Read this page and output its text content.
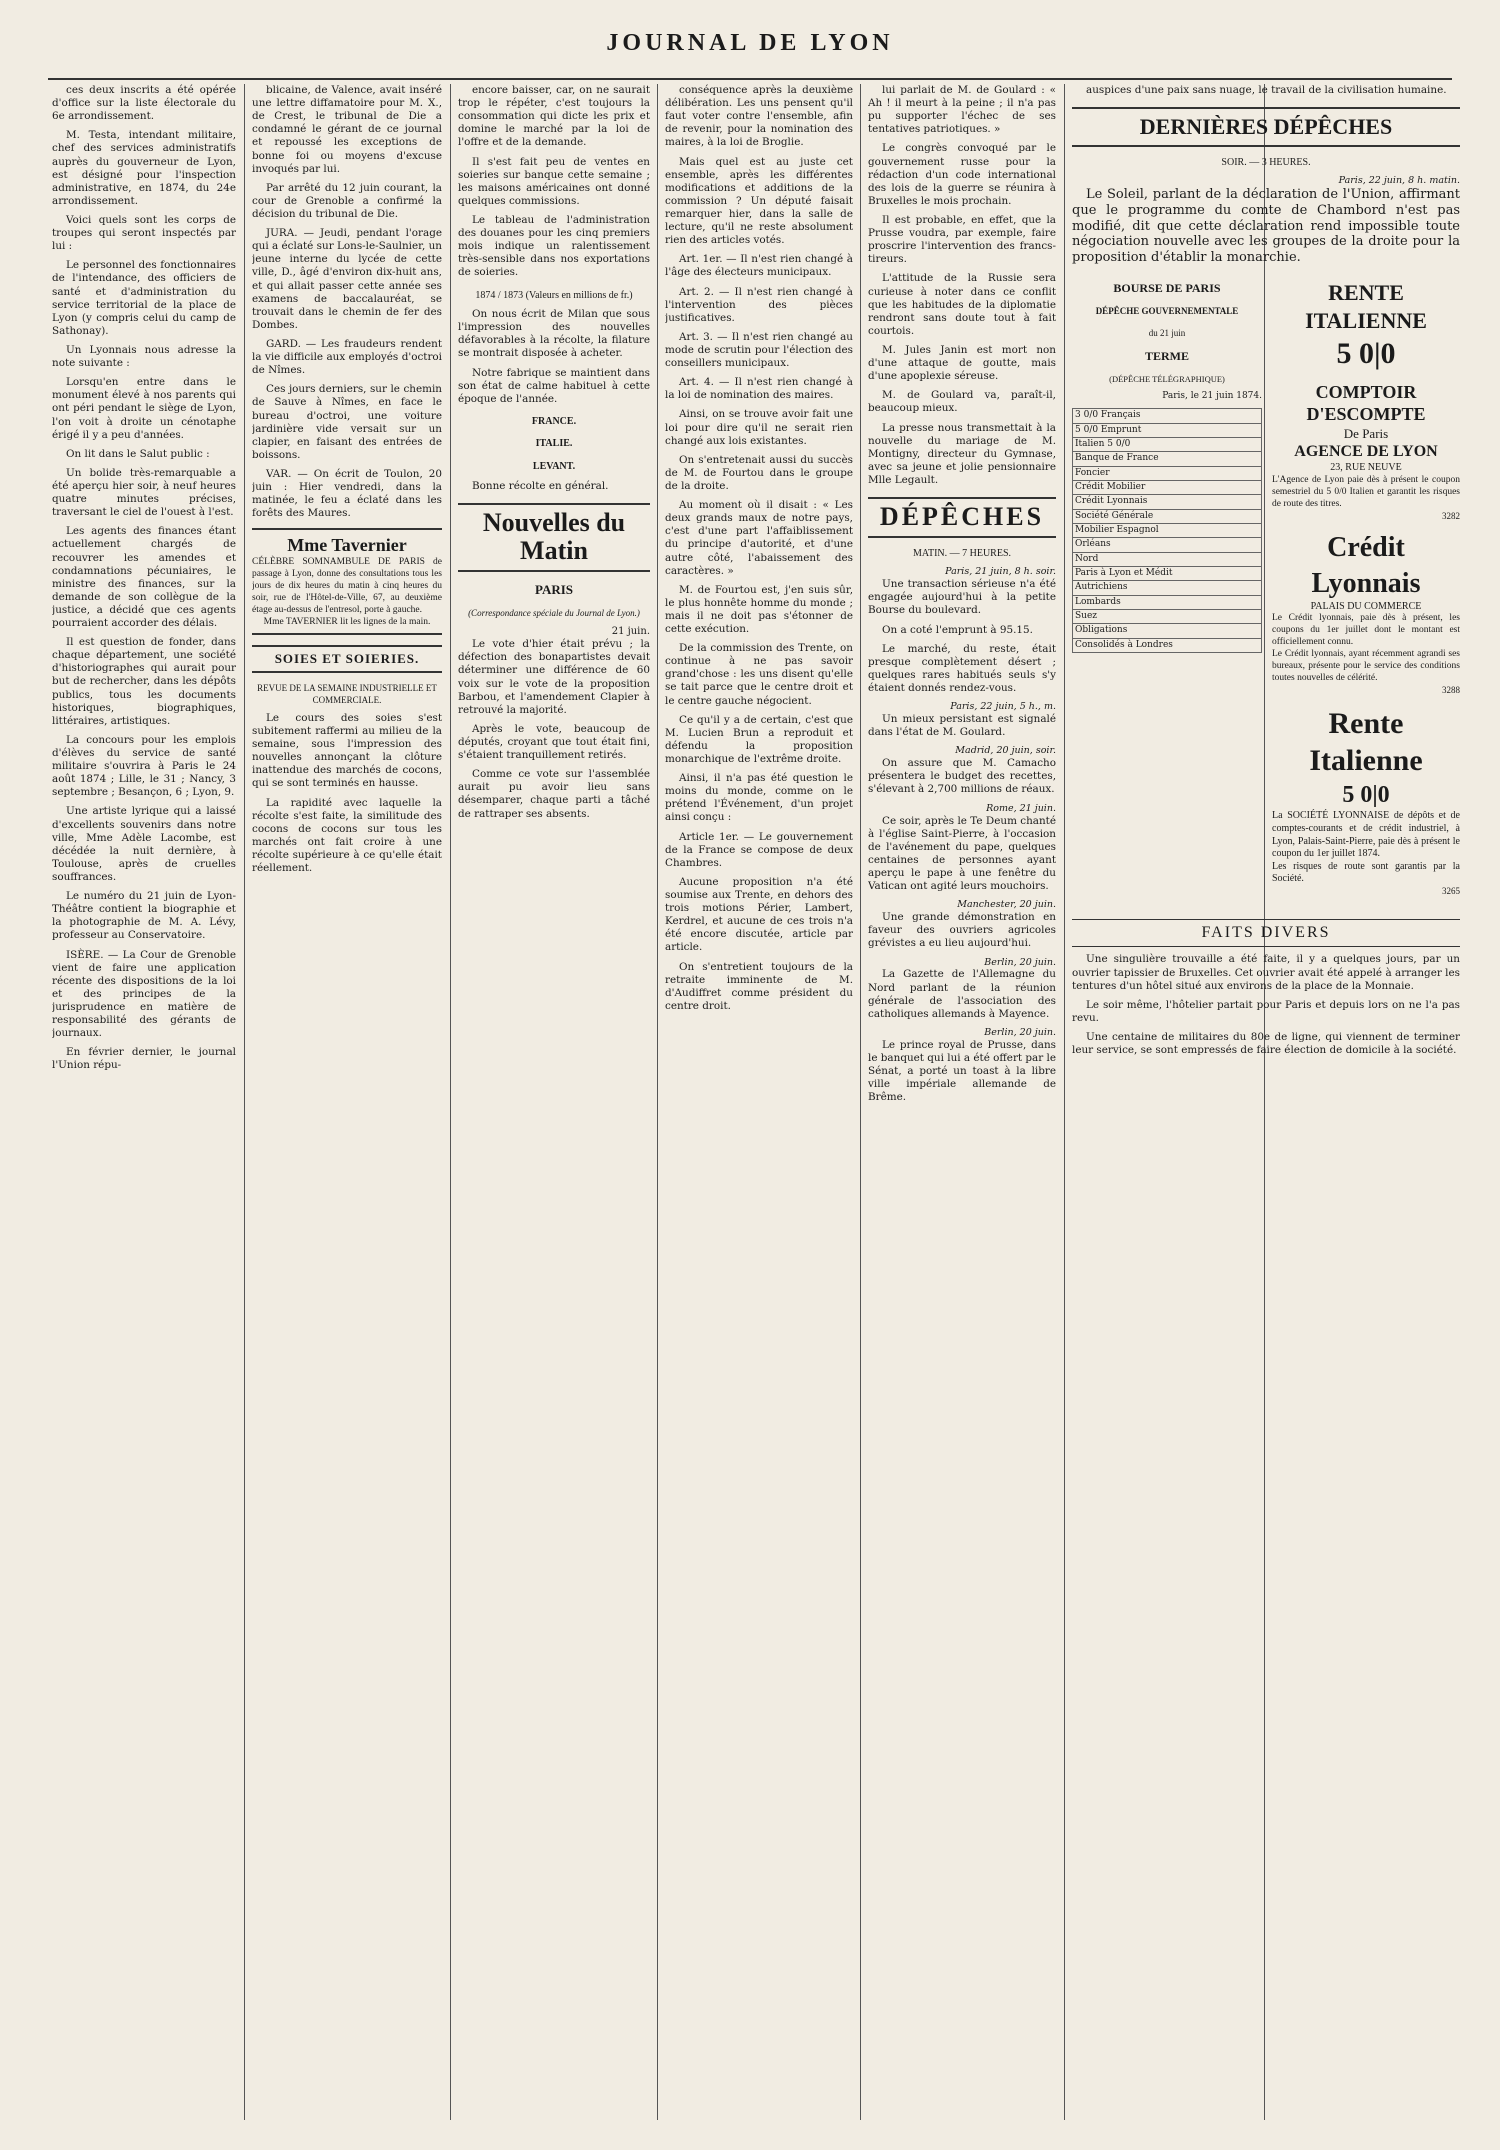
JOURNAL DE LYON

ces deux inscrits a été opérée d'office sur la liste électorale du 6e arrondissement.

M. Testa, intendant militaire, chef des services administratifs auprès du gouverneur de Lyon, est désigné pour l'inspection administrative, en 1874, du 24e arrondissement.

Voici quels sont les corps de troupes qui seront inspectés par lui :

Le personnel des fonctionnaires de l'intendance, des officiers de santé et d'administration du service territorial de la place de Lyon (y compris celui du camp de Sathonay).

Un Lyonnais nous adresse la note suivante :

Lorsqu'en entre dans le monument élevé à nos parents qui ont péri pendant le siège de Lyon, l'on voit à droite un cénotaphe érigé il y a peu d'années.

On lit dans le Salut public :

Un bolide très-remarquable a été aperçu hier soir, à neuf heures quatre minutes précises, traversant le ciel de l'ouest à l'est.

Les agents des finances étant actuellement chargés de recouvrer les amendes et condamnations pécuniaires, le ministre des finances, sur la demande de son collègue de la justice, a décidé que ces agents pourraient accorder des délais.

Il est question de fonder, dans chaque département, une société d'historiographes qui aurait pour but de rechercher, dans les dépôts publics, tous les documents historiques, biographiques, littéraires, artistiques.

La concours pour les emplois d'élèves du service de santé militaire s'ouvrira à Paris le 24 août 1874 ; Lille, le 31 ; Nancy, 3 septembre ; Besançon, 6 ; Lyon, 9.

Une artiste lyrique qui a laissé d'excellents souvenirs dans notre ville, Mme Adèle Lacombe, est décédée la nuit dernière, à Toulouse, après de cruelles souffrances.

Le numéro du 21 juin de Lyon-Théâtre contient la biographie et la photographie de M. A. Lévy, professeur au Conservatoire.

ISÈRE. — La Cour de Grenoble vient de faire une application récente des dispositions de la loi et des principes de la jurisprudence en matière de responsabilité des gérants de journaux.

En février dernier, le journal l'Union répu-

blicaine, de Valence, avait inséré une lettre diffamatoire pour M. X., de Crest, le tribunal de Die a condamné le gérant de ce journal et repoussé les exceptions de bonne foi ou moyens d'excuse invoqués par lui.

Par arrêté du 12 juin courant, la cour de Grenoble a confirmé la décision du tribunal de Die.

JURA. — Jeudi, pendant l'orage qui a éclaté sur Lons-le-Saulnier, un jeune interne du lycée de cette ville, D., âgé d'environ dix-huit ans, et qui allait passer cette année ses examens de baccalauréat, se trouvait dans le chemin de fer des Dombes.

GARD. — Les fraudeurs rendent la vie difficile aux employés d'octroi de Nîmes.

Ces jours derniers, sur le chemin de Sauve à Nîmes, en face le bureau d'octroi, une voiture jardinière vide versait sur un clapier, en faisant des entrées de boissons.

VAR. — On écrit de Toulon, 20 juin : Hier vendredi, dans la matinée, le feu a éclaté dans les forêts des Maures.

Mme Tavernier
CÉLÈBRE SOMNAMBULE DE PARIS de passage à Lyon, donne des consultations tous les jours de dix heures du matin à cinq heures du soir, rue de l'Hôtel-de-Ville, 67, au deuxième étage au-dessus de l'entresol, porte à gauche.
Mme TAVERNIER lit les lignes de la main.
SOIES ET SOIERIES.
REVUE DE LA SEMAINE INDUSTRIELLE ET COMMERCIALE.

Le cours des soies s'est subitement raffermi au milieu de la semaine, sous l'impression des nouvelles annonçant la clôture inattendue des marchés de cocons, qui se sont terminés en hausse.

La rapidité avec laquelle la récolte s'est faite, la similitude des cocons de cocons sur tous les marchés ont fait croire à une récolte supérieure à ce qu'elle était réellement.

encore baisser, car, on ne saurait trop le répéter, c'est toujours la consommation qui dicte les prix et domine le marché par la loi de l'offre et de la demande.

Il s'est fait peu de ventes en soieries sur banque cette semaine ; les maisons américaines ont donné quelques commissions.

Le tableau de l'administration des douanes pour les cinq premiers mois indique un ralentissement très-sensible dans nos exportations de soieries.

1874 / 1873 (Valeurs en millions de fr.)

On nous écrit de Milan que sous l'impression des nouvelles défavorables à la récolte, la filature se montrait disposée à acheter.

Notre fabrique se maintient dans son état de calme habituel à cette époque de l'année.

FRANCE.
ITALIE.
LEVANT.

Bonne récolte en général.

Nouvelles du Matin
PARIS
(Correspondance spéciale du Journal de Lyon.)
21 juin.

Le vote d'hier était prévu ; la défection des bonapartistes devait déterminer une différence de 60 voix sur le vote de la proposition Barbou, et l'amendement Clapier à retrouvé la majorité.

Après le vote, beaucoup de députés, croyant que tout était fini, s'étaient tranquillement retirés.

Comme ce vote sur l'assemblée aurait pu avoir lieu sans désemparer, chaque parti a tâché de rattraper ses absents.

conséquence après la deuxième délibération. Les uns pensent qu'il faut voter contre l'ensemble, afin de revenir, pour la nomination des maires, à la loi de Broglie.

Mais quel est au juste cet ensemble, après les différentes modifications et additions de la commission ? Un député faisait remarquer hier, dans la salle de lecture, qu'il ne reste absolument rien des articles votés.

Art. 1er. — Il n'est rien changé à l'âge des électeurs municipaux.

Art. 2. — Il n'est rien changé à l'intervention des pièces justificatives.

Art. 3. — Il n'est rien changé au mode de scrutin pour l'élection des conseillers municipaux.

Art. 4. — Il n'est rien changé à la loi de nomination des maires.

Ainsi, on se trouve avoir fait une loi pour dire qu'il ne serait rien changé aux lois existantes.

On s'entretenait aussi du succès de M. de Fourtou dans le groupe de la droite.

Au moment où il disait : « Les deux grands maux de notre pays, c'est d'une part l'affaiblissement du principe d'autorité, et d'une autre côté, l'abaissement des caractères. »

M. de Fourtou est, j'en suis sûr, le plus honnête homme du monde ; mais il ne doit pas s'étonner de cette exécution.

De la commission des Trente, on continue à ne pas savoir grand'chose : les uns disent qu'elle se tait parce que le centre droit et le centre gauche négocient.

Ce qu'il y a de certain, c'est que M. Lucien Brun a reproduit et défendu la proposition monarchique de l'extrême droite.

Ainsi, il n'a pas été question le moins du monde, comme on le prétend l'Événement, d'un projet ainsi conçu :

Article 1er. — Le gouvernement de la France se compose de deux Chambres.

Aucune proposition n'a été soumise aux Trente, en dehors des trois motions Périer, Lambert, Kerdrel, et aucune de ces trois n'a été encore discutée, article par article.

On s'entretient toujours de la retraite imminente de M. d'Audiffret comme président du centre droit.

lui parlait de M. de Goulard : « Ah ! il meurt à la peine ; il n'a pas pu supporter l'échec de ses tentatives patriotiques. »

Le congrès convoqué par le gouvernement russe pour la rédaction d'un code international des lois de la guerre se réunira à Bruxelles le mois prochain.

Il est probable, en effet, que la Prusse voudra, par exemple, faire proscrire l'intervention des francs-tireurs.

L'attitude de la Russie sera curieuse à noter dans ce conflit que les habitudes de la diplomatie rendront sans doute tout à fait courtois.

M. Jules Janin est mort non d'une attaque de goutte, mais d'une apoplexie séreuse.

M. de Goulard va, paraît-il, beaucoup mieux.

La presse nous transmettait à la nouvelle du mariage de M. Montigny, directeur du Gymnase, avec sa jeune et jolie pensionnaire Mlle Legault.

DÉPÊCHES
MATIN. — 7 HEURES.
Paris, 21 juin, 8 h. soir.

Une transaction sérieuse n'a été engagée aujourd'hui à la petite Bourse du boulevard.

On a coté l'emprunt à 95.15.

Le marché, du reste, était presque complètement désert ; quelques rares habitués seuls s'y étaient donnés rendez-vous.

Paris, 22 juin, 5 h., m.

Un mieux persistant est signalé dans l'état de M. Goulard.

Madrid, 20 juin, soir.

On assure que M. Camacho présentera le budget des recettes, s'élevant à 2,700 millions de réaux.

Rome, 21 juin.

Ce soir, après le Te Deum chanté à l'église Saint-Pierre, à l'occasion de l'avénement du pape, quelques centaines de personnes ayant aperçu le pape à une fenêtre du Vatican ont agité leurs mouchoirs.

Manchester, 20 juin.

Une grande démonstration en faveur des ouvriers agricoles grévistes a eu lieu aujourd'hui.

Berlin, 20 juin.

La Gazette de l'Allemagne du Nord parlant de la réunion générale de l'association des catholiques allemands à Mayence.

Berlin, 20 juin.

Le prince royal de Prusse, dans le banquet qui lui a été offert par le Sénat, a porté un toast à la libre ville impériale allemande de Brême.

auspices d'une paix sans nuage, le travail de la civilisation humaine.

DERNIÈRES DÉPÊCHES
SOIR. — 3 HEURES.
Paris, 22 juin, 8 h. matin.

Le Soleil, parlant de la déclaration de l'Union, affirmant que le programme du comte de Chambord n'est pas modifié, dit que cette déclaration rend impossible toute négociation nouvelle avec les groupes de la droite pour la proposition d'établir la monarchie.

BOURSE DE PARIS
DÉPÊCHE GOUVERNEMENTALE
du 21 juin
TERME
(DÉPÊCHE TÉLÉGRAPHIQUE)
Paris, le 21 juin 1874.
3 0/0 Français
5 0/0 Emprunt
Italien 5 0/0
Banque de France
Foncier
Crédit Mobilier
Crédit Lyonnais
Société Générale
Mobilier Espagnol
Orléans
Nord
Paris à Lyon et Médit
Autrichiens
Lombards
Suez
Obligations
Consolidés à Londres
RENTE ITALIENNE
5 0|0
COMPTOIR D'ESCOMPTE
De Paris
AGENCE DE LYON
23, RUE NEUVE
L'Agence de Lyon paie dès à présent le coupon semestriel du 5 0/0 Italien et garantit les risques de route des titres.
3282
Crédit Lyonnais
PALAIS DU COMMERCE
Le Crédit lyonnais, paie dès à présent, les coupons du 1er juillet dont le montant est officiellement connu.
Le Crédit lyonnais, ayant récemment agrandi ses bureaux, présente pour le service des conditions toutes nouvelles de célérité.
3288
Rente Italienne
5 0|0
La SOCIÉTÉ LYONNAISE de dépôts et de comptes-courants et de crédit industriel, à Lyon, Palais-Saint-Pierre, paie dès à présent le coupon du 1er juillet 1874.
Les risques de route sont garantis par la Société.
3265
FAITS DIVERS

Une singulière trouvaille a été faite, il y a quelques jours, par un ouvrier tapissier de Bruxelles. Cet ouvrier avait été appelé à arranger les tentures d'un hôtel situé aux environs de la place de la Monnaie.

Le soir même, l'hôtelier partait pour Paris et depuis lors on ne l'a pas revu.

Une centaine de militaires du 80e de ligne, qui viennent de terminer leur service, se sont empressés de faire élection de domicile à la société.
